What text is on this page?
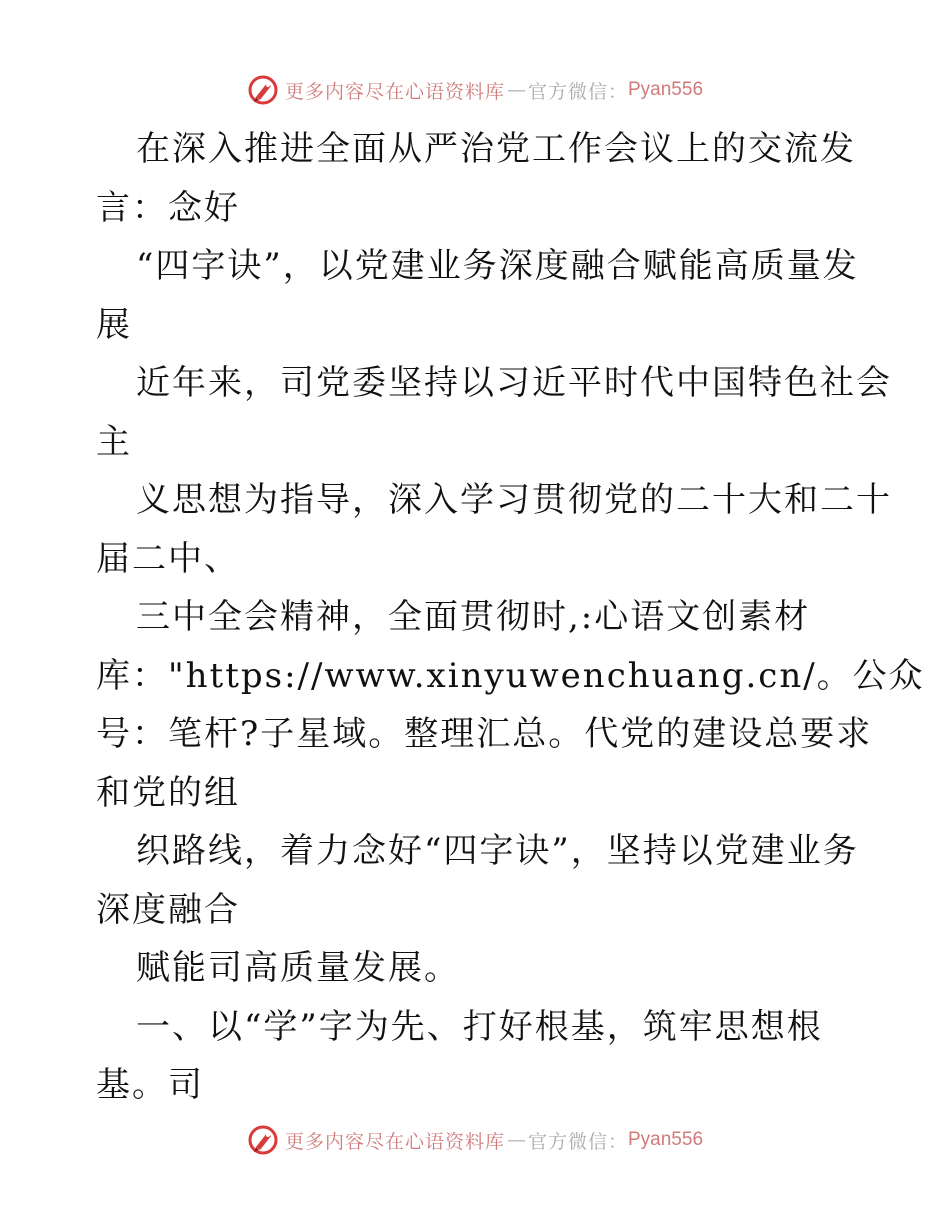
更多内容尽在心语资料库 — 官方微信： Pyan556
在深入推进全面从严治党工作会议上的交流发
言：念好
“四字诀”，以党建业务深度融合赋能高质量发
展
近年来，司党委坚持以习近平时代中国特色社会
主
义思想为指导，深入学习贯彻党的二十大和二十
届二中、
三中全会精神，全面贯彻时,:心语文创素材
库："https://www.xinyuwenchuang.cn/。公众
号：笔杆?子星域。整理汇总。代党的建设总要求
和党的组
织路线，着力念好“四字诀”，坚持以党建业务
深度融合
赋能司高质量发展。
一、以“学”字为先、打好根基，筑牢思想根
基。司
更多内容尽在心语资料库 — 官方微信： Pyan556
